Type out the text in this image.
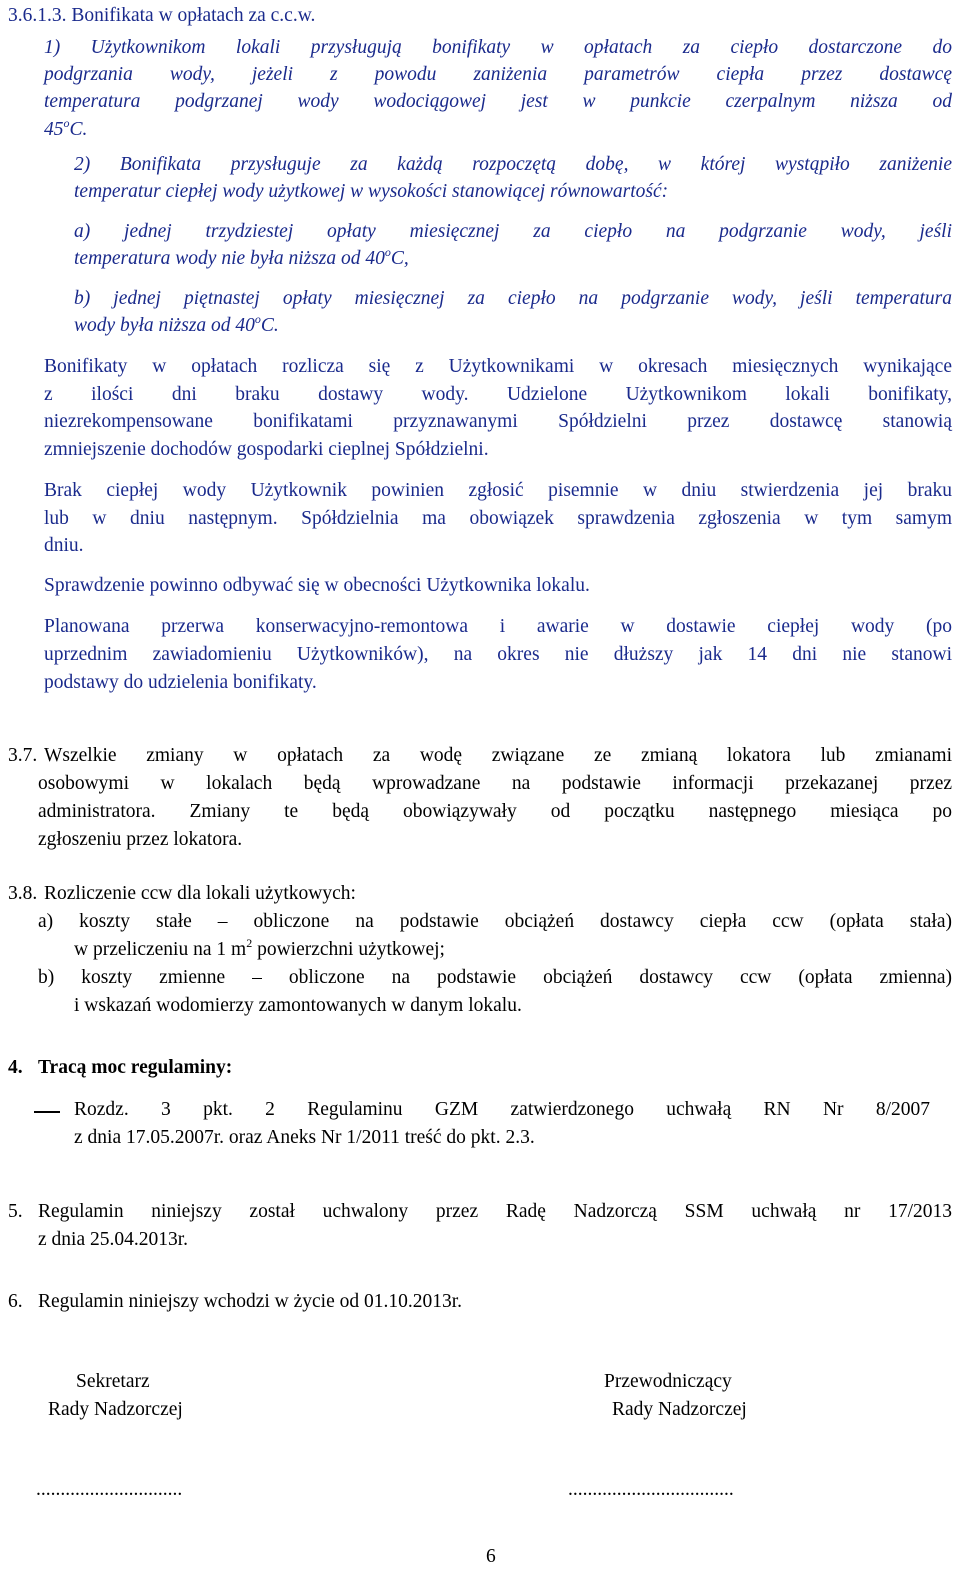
3.6.1.3. Bonifikata w opłatach za c.c.w.
1) Użytkownikom lokali przysługują bonifikaty w opłatach za ciepło dostarczone do
podgrzania wody, jeżeli z powodu zaniżenia parametrów ciepła przez dostawcę
temperatura podgrzanej wody wodociągowej jest w punkcie czerpalnym niższa od
45$^o$C.
2) Bonifikata przysługuje za każdą rozpoczętą dobę, w której wystąpiło zaniżenie
temperatur ciepłej wody użytkowej w wysokości stanowiącej równowartość:
a) jednej trzydziestej opłaty miesięcznej za ciepło na podgrzanie wody, jeśli
temperatura wody nie była niższa od 40$^o$C,
b) jednej piętnastej opłaty miesięcznej za ciepło na podgrzanie wody, jeśli temperatura
wody była niższa od 40$^o$C.
Bonifikaty w opłatach rozlicza się z Użytkownikami w okresach miesięcznych wynikające
z ilości dni braku dostawy wody. Udzielone Użytkownikom lokali bonifikaty,
niezrekompensowane bonifikatami przyznawanymi Spółdzielni przez dostawcę stanowią
zmniejszenie dochodów gospodarki cieplnej Spółdzielni.
Brak ciepłej wody Użytkownik powinien zgłosić pisemnie w dniu stwierdzenia jej braku
lub w dniu następnym. Spółdzielnia ma obowiązek sprawdzenia zgłoszenia w tym samym
dniu.
Sprawdzenie powinno odbywać się w obecności Użytkownika lokalu.
Planowana przerwa konserwacyjno-remontowa i awarie w dostawie ciepłej wody (po
uprzednim zawiadomieniu Użytkowników), na okres nie dłuższy jak 14 dni nie stanowi
podstawy do udzielenia bonifikaty.
3.7. Wszelkie zmiany w opłatach za wodę związane ze zmianą lokatora lub zmianami
osobowymi w lokalach będą wprowadzane na podstawie informacji przekazanej przez
administratora. Zmiany te będą obowiązywały od początku następnego miesiąca po
zgłoszeniu przez lokatora.
3.8. Rozliczenie ccw dla lokali użytkowych:
a) koszty stałe – obliczone na podstawie obciążeń dostawcy ciepła ccw (opłata stała)
w przeliczeniu na 1 $m^2$ powierzchni użytkowej;
b) koszty zmienne – obliczone na podstawie obciążeń dostawcy ccw (opłata zmienna)
i wskazań wodomierzy zamontowanych w danym lokalu.
4. Tracą moc regulaminy:
Rozdz. 3 pkt. 2 Regulaminu GZM zatwierdzonego uchwałą RN Nr 8/2007
z dnia 17.05.2007r. oraz Aneks Nr 1/2011 treść do pkt. 2.3.
5. Regulamin niniejszy został uchwalony przez Radę Nadzorczą SSM uchwałą nr 17/2013
z dnia 25.04.2013r.
6. Regulamin niniejszy wchodzi w życie od 01.10.2013r.
Sekretarz
Rady Nadzorczej
Przewodniczący
Rady Nadzorczej
..............................	..................................
6
